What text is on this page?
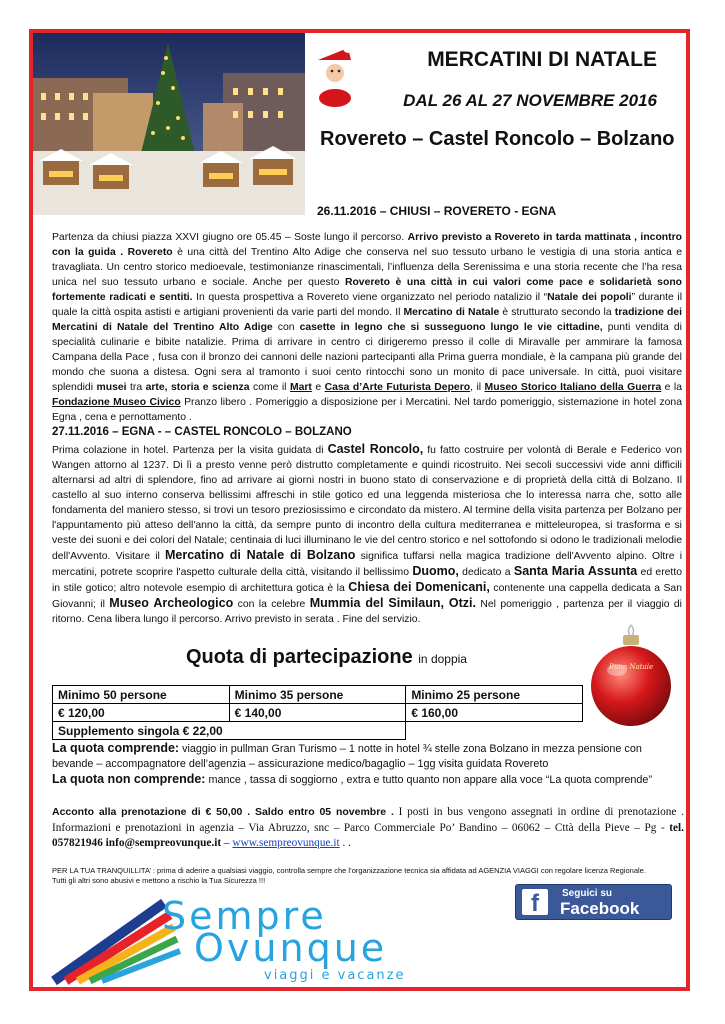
MERCATINI DI NATALE
DAL 26 AL 27 NOVEMBRE 2016
Rovereto – Castel Roncolo – Bolzano
26.11.2016 – CHIUSI – ROVERETO - EGNA
Partenza da chiusi piazza XXVI giugno ore 05.45 – Soste lungo il percorso. Arrivo previsto a Rovereto in tarda mattinata , incontro con la guida . Rovereto è una città del Trentino Alto Adige che conserva nel suo tessuto urbano le vestigia di una storia antica e travagliata. Un centro storico medioevale, testimonianze rinascimentali, l’influenza della Serenissima e una storia recente che l’ha resa unica nel suo tessuto urbano e sociale. Anche per questo Rovereto è una città in cui valori come pace e solidarietà sono fortemente radicati e sentiti. In questa prospettiva a Rovereto viene organizzato nel periodo natalizio il “Natale dei popoli” durante il quale la città ospita astisti e artigiani provenienti da varie parti del mondo. Il Mercatino di Natale è strutturato secondo la tradizione dei Mercatini di Natale del Trentino Alto Adige con casette in legno che si susseguono lungo le vie cittadine, punti vendita di specialità culinarie e bibite natalizie. Prima di arrivare in centro ci dirigeremo presso il colle di Miravalle per ammirare la famosa Campana della Pace , fusa con il bronzo dei cannoni delle nazioni partecipanti alla Prima guerra mondiale, è la campana più grande del mondo che suona a distesa. Ogni sera al tramonto i suoi cento rintocchi sono un monito di pace universale. In città, puoi visitare splendidi musei tra arte, storia e scienza come il Mart e Casa d’Arte Futurista Depero, il Museo Storico Italiano della Guerra e la Fondazione Museo Civico Pranzo libero . Pomeriggio a disposizione per i Mercatini. Nel tardo pomeriggio, sistemazione in hotel zona Egna , cena e pernottamento .
27.11.2016 – EGNA - – CASTEL RONCOLO – BOLZANO
Prima colazione in hotel. Partenza per la visita guidata di Castel Roncolo, fu fatto costruire per volontà di Berale e Federico von Wangen attorno al 1237. Di lì a presto venne però distrutto completamente e quindi ricostruito. Nei secoli successivi vide anni difficili alternarsi ad altri di splendore, fino ad arrivare ai giorni nostri in buono stato di conservazione e di proprietà della città di Bolzano. Il castello al suo interno conserva bellissimi affreschi in stile gotico ed una leggenda misteriosa che lo interessa narra che, sotto alle fondamenta del maniero stesso, si trovi un tesoro preziosissimo e circondato da mistero. Al termine della visita partenza per Bolzano per l'appuntamento più atteso dell'anno la città, da sempre punto di incontro della cultura mediterranea e mitteleuropea, si trasforma e si veste dei suoni e dei colori del Natale; centinaia di luci illuminano le vie del centro storico e nel sottofondo si odono le tradizionali melodie dell'Avvento. Visitare il Mercatino di Natale di Bolzano significa tuffarsi nella magica tradizione dell'Avvento alpino. Oltre i mercatini, potrete scoprire l'aspetto culturale della città, visitando il bellissimo Duomo, dedicato a Santa Maria Assunta ed eretto in stile gotico; altro notevole esempio di architettura gotica è la Chiesa dei Domenicani, contenente una cappella dedicata a San Giovanni; il Museo Archeologico con la celebre Mummia del Similaun, Otzi. Nel pomeriggio , partenza per il viaggio di ritorno. Cena libera lungo il percorso. Arrivo previsto in serata . Fine del servizio.
Quota di partecipazione in doppia
Buon Natale
Minimo 50 persone	Minimo 35 persone	Minimo 25 persone
€ 120,00	€ 140,00	€ 160,00
Supplemento singola € 22,00		
La quota comprende: viaggio in pullman Gran Turismo – 1 notte in hotel ¾ stelle zona Bolzano in mezza pensione con bevande – accompagnatore dell’agenzia – assicurazione medico/bagaglio – 1gg visita guidata Rovereto
La quota non comprende: mance , tassa di soggiorno , extra e tutto quanto non appare alla voce “La quota comprende”
Acconto alla prenotazione di € 50,00 . Saldo entro 05 novembre . I posti in bus vengono assegnati in ordine di prenotazione . Informazioni e prenotazioni in agenzia – Via Abruzzo, snc – Parco Commerciale Po’ Bandino – 06062 – Cttà della Pieve – Pg - tel. 057821946 info@sempreovunque.it – www.sempreovunque.it . .
PER LA TUA TRANQUILLITA’ : prima di aderire a qualsiasi viaggio, controlla sempre che l’organizzazione tecnica sia affidata ad AGENZIA VIAGGI con regolare licenza Regionale. Tutti gli altri sono abusivi e mettono a rischio la Tua Sicurezza !!!
Sempre
Ovunque
viaggi e vacanze
f	Seguici su
Facebook
